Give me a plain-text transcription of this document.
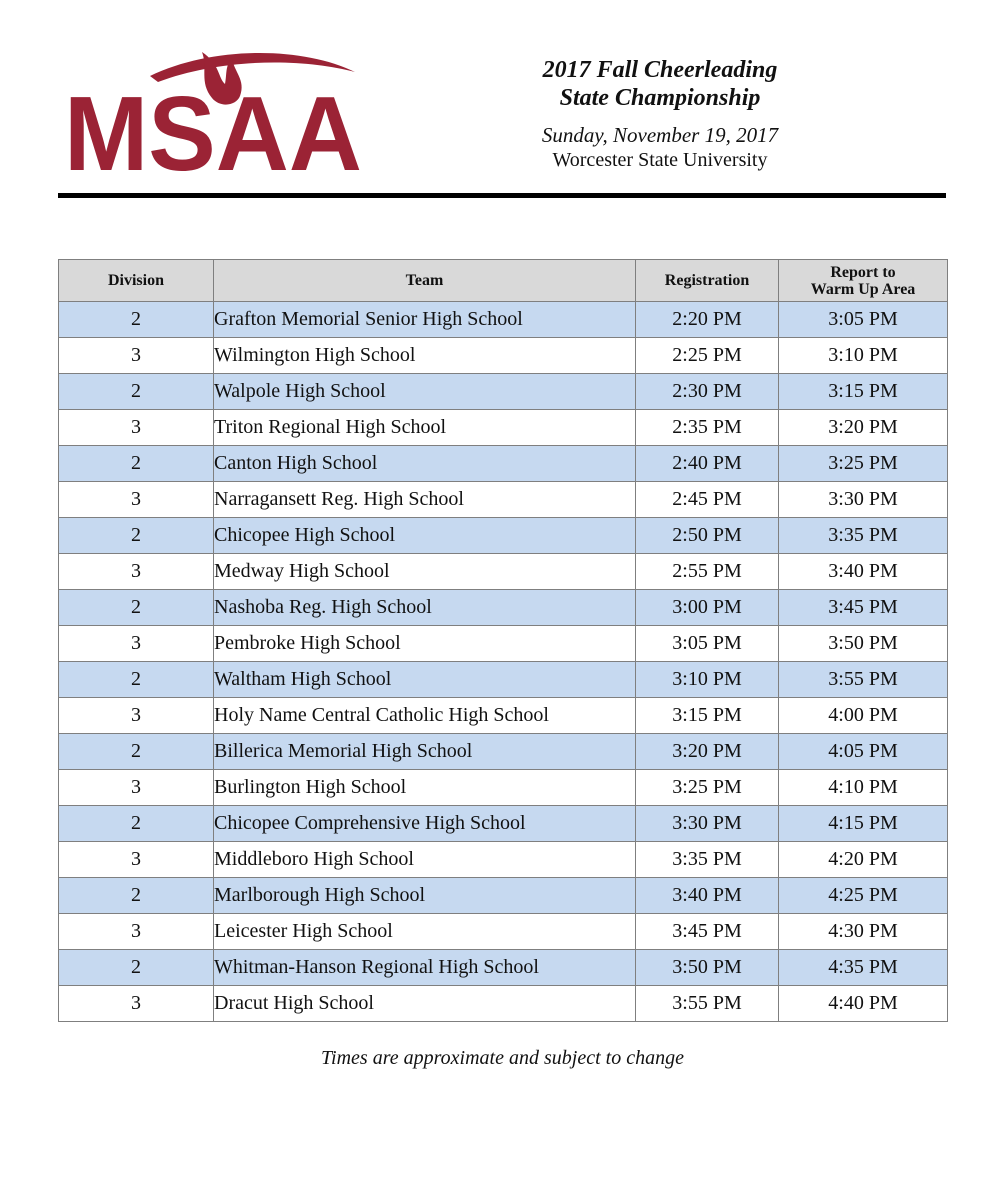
MSAA
2017 Fall Cheerleading
State Championship
Sunday, November 19, 2017
Worcester State University
Division	Team	Registration	Report to
Warm Up Area
2	Grafton Memorial Senior High School	2:20 PM	3:05 PM
3	Wilmington High School	2:25 PM	3:10 PM
2	Walpole High School	2:30 PM	3:15 PM
3	Triton Regional High School	2:35 PM	3:20 PM
2	Canton High School	2:40 PM	3:25 PM
3	Narragansett Reg. High School	2:45 PM	3:30 PM
2	Chicopee High School	2:50 PM	3:35 PM
3	Medway High School	2:55 PM	3:40 PM
2	Nashoba Reg. High School	3:00 PM	3:45 PM
3	Pembroke High School	3:05 PM	3:50 PM
2	Waltham High School	3:10 PM	3:55 PM
3	Holy Name Central Catholic High School	3:15 PM	4:00 PM
2	Billerica Memorial High School	3:20 PM	4:05 PM
3	Burlington High School	3:25 PM	4:10 PM
2	Chicopee Comprehensive High School	3:30 PM	4:15 PM
3	Middleboro High School	3:35 PM	4:20 PM
2	Marlborough High School	3:40 PM	4:25 PM
3	Leicester High School	3:45 PM	4:30 PM
2	Whitman-Hanson Regional High School	3:50 PM	4:35 PM
3	Dracut High School	3:55 PM	4:40 PM
Times are approximate and subject to change
